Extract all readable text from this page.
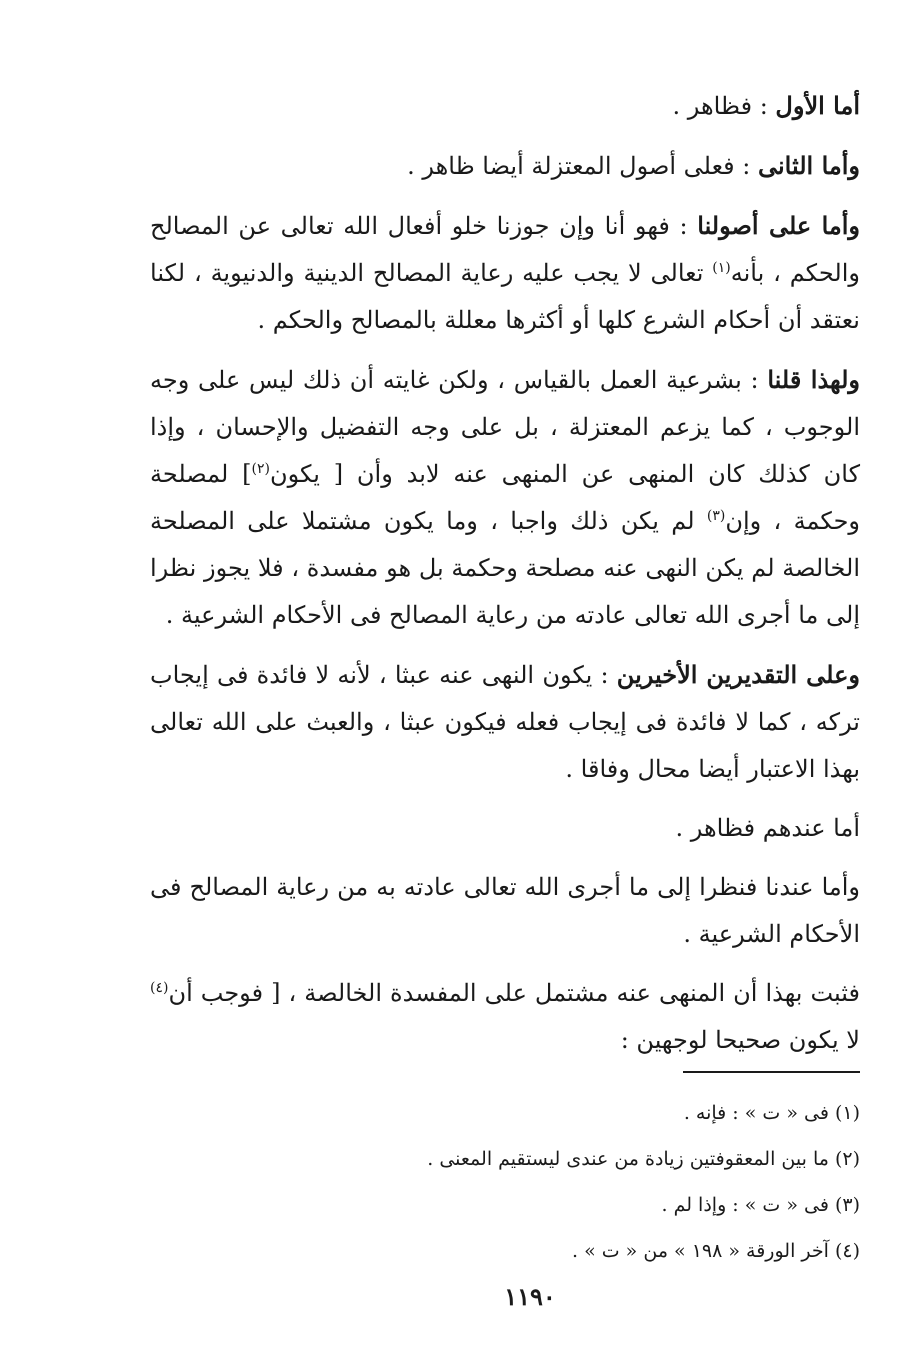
أما الأول : فظاهر .

وأما الثانى : فعلى أصول المعتزلة أيضا ظاهر .

وأما على أصولنا : فهو أنا وإن جوزنا خلو أفعال الله تعالى عن المصالح والحكم ، بأنه$^{(١)}$ تعالى لا يجب عليه رعاية المصالح الدينية والدنيوية ، لكنا نعتقد أن أحكام الشرع كلها أو أكثرها معللة بالمصالح والحكم .

ولهذا قلنا : بشرعية العمل بالقياس ، ولكن غايته أن ذلك ليس على وجه الوجوب ، كما يزعم المعتزلة ، بل على وجه التفضيل والإحسان ، وإذا كان كذلك كان المنهى عن المنهى عنه لابد وأن [ يكون$^{(٢)}$] لمصلحة وحكمة ، وإن$^{(٣)}$ لم يكن ذلك واجبا ، وما يكون مشتملا على المصلحة الخالصة لم يكن النهى عنه مصلحة وحكمة بل هو مفسدة ، فلا يجوز نظرا إلى ما أجرى الله تعالى عادته من رعاية المصالح فى الأحكام الشرعية .

وعلى التقديرين الأخيرين : يكون النهى عنه عبثا ، لأنه لا فائدة فى إيجاب تركه ، كما لا فائدة فى إيجاب فعله فيكون عبثا ، والعبث على الله تعالى بهذا الاعتبار أيضا محال وفاقا .

أما عندهم فظاهر .

وأما عندنا فنظرا إلى ما أجرى الله تعالى عادته به من رعاية المصالح فى الأحكام الشرعية .

فثبت بهذا أن المنهى عنه مشتمل على المفسدة الخالصة ، [ فوجب أن$^{(٤)}$ لا يكون صحيحا لوجهين :

(١) فى « ت » : فإنه .

(٢) ما بين المعقوفتين زيادة من عندى ليستقيم المعنى .

(٣) فى « ت » : وإذا لم .

(٤) آخر الورقة « ١٩٨ » من « ت » .

١١٩٠
